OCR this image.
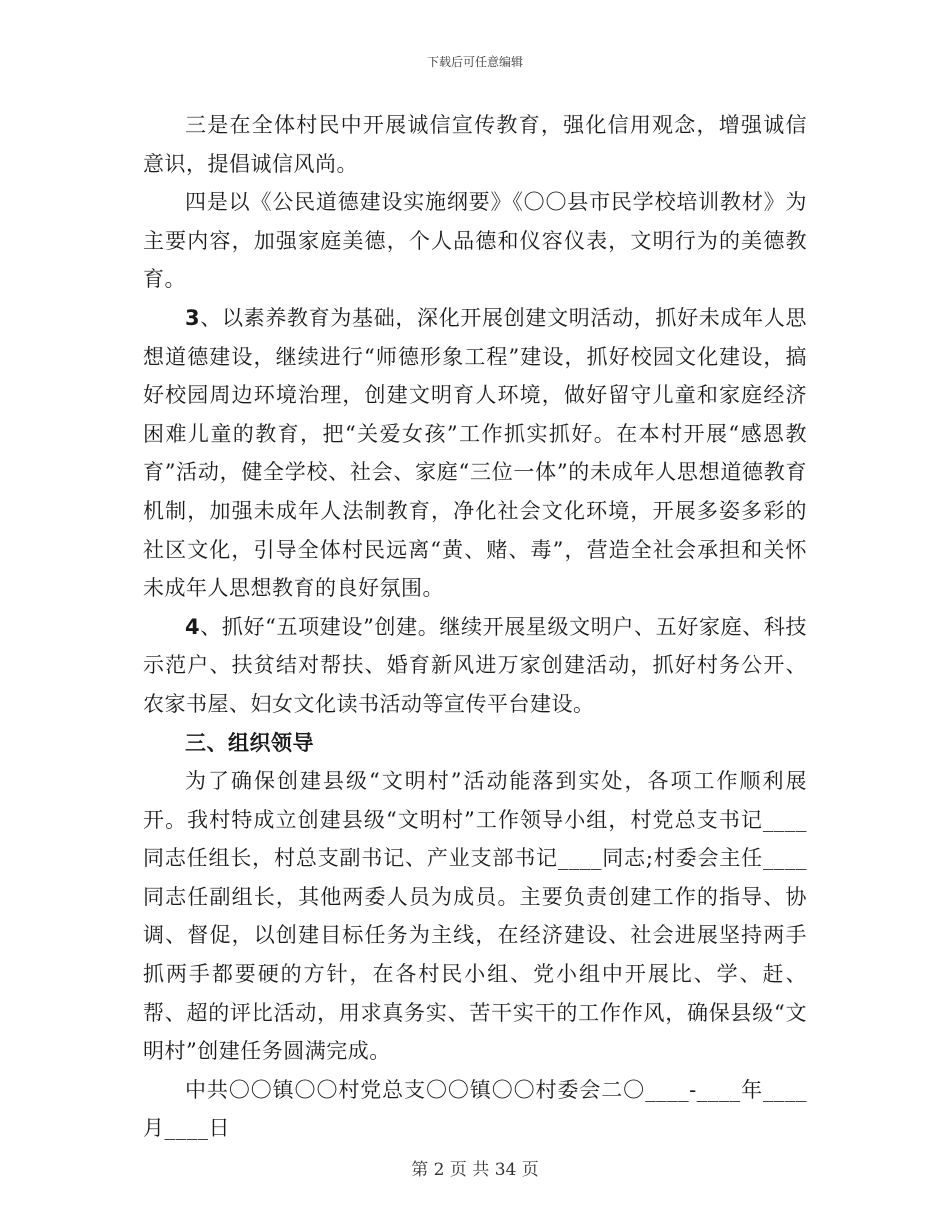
下载后可任意编辑

三是在全体村民中开展诚信宣传教育，强化信用观念，增强诚信意识，提倡诚信风尚。

四是以《公民道德建设实施纲要》《〇〇县市民学校培训教材》为主要内容，加强家庭美德，个人品德和仪容仪表，文明行为的美德教育。

3、以素养教育为基础，深化开展创建文明活动，抓好未成年人思想道德建设，继续进行“师德形象工程”建设，抓好校园文化建设，搞好校园周边环境治理，创建文明育人环境，做好留守儿童和家庭经济困难儿童的教育，把“关爱女孩”工作抓实抓好。在本村开展“感恩教育”活动，健全学校、社会、家庭“三位一体”的未成年人思想道德教育机制，加强未成年人法制教育，净化社会文化环境，开展多姿多彩的社区文化，引导全体村民远离“黄、赌、毒”，营造全社会承担和关怀未成年人思想教育的良好氛围。

4、抓好“五项建设”创建。继续开展星级文明户、五好家庭、科技示范户、扶贫结对帮扶、婚育新风进万家创建活动，抓好村务公开、农家书屋、妇女文化读书活动等宣传平台建设。

三、组织领导

为了确保创建县级“文明村”活动能落到实处，各项工作顺利展开。我村特成立创建县级“文明村”工作领导小组，村党总支书记____同志任组长，村总支副书记、产业支部书记____同志;村委会主任____同志任副组长，其他两委人员为成员。主要负责创建工作的指导、协调、督促，以创建目标任务为主线，在经济建设、社会进展坚持两手抓两手都要硬的方针，在各村民小组、党小组中开展比、学、赶、帮、超的评比活动，用求真务实、苦干实干的工作作风，确保县级“文明村”创建任务圆满完成。

中共〇〇镇〇〇村党总支〇〇镇〇〇村委会二〇____-____年____月____日

第 2 页 共 34 页
